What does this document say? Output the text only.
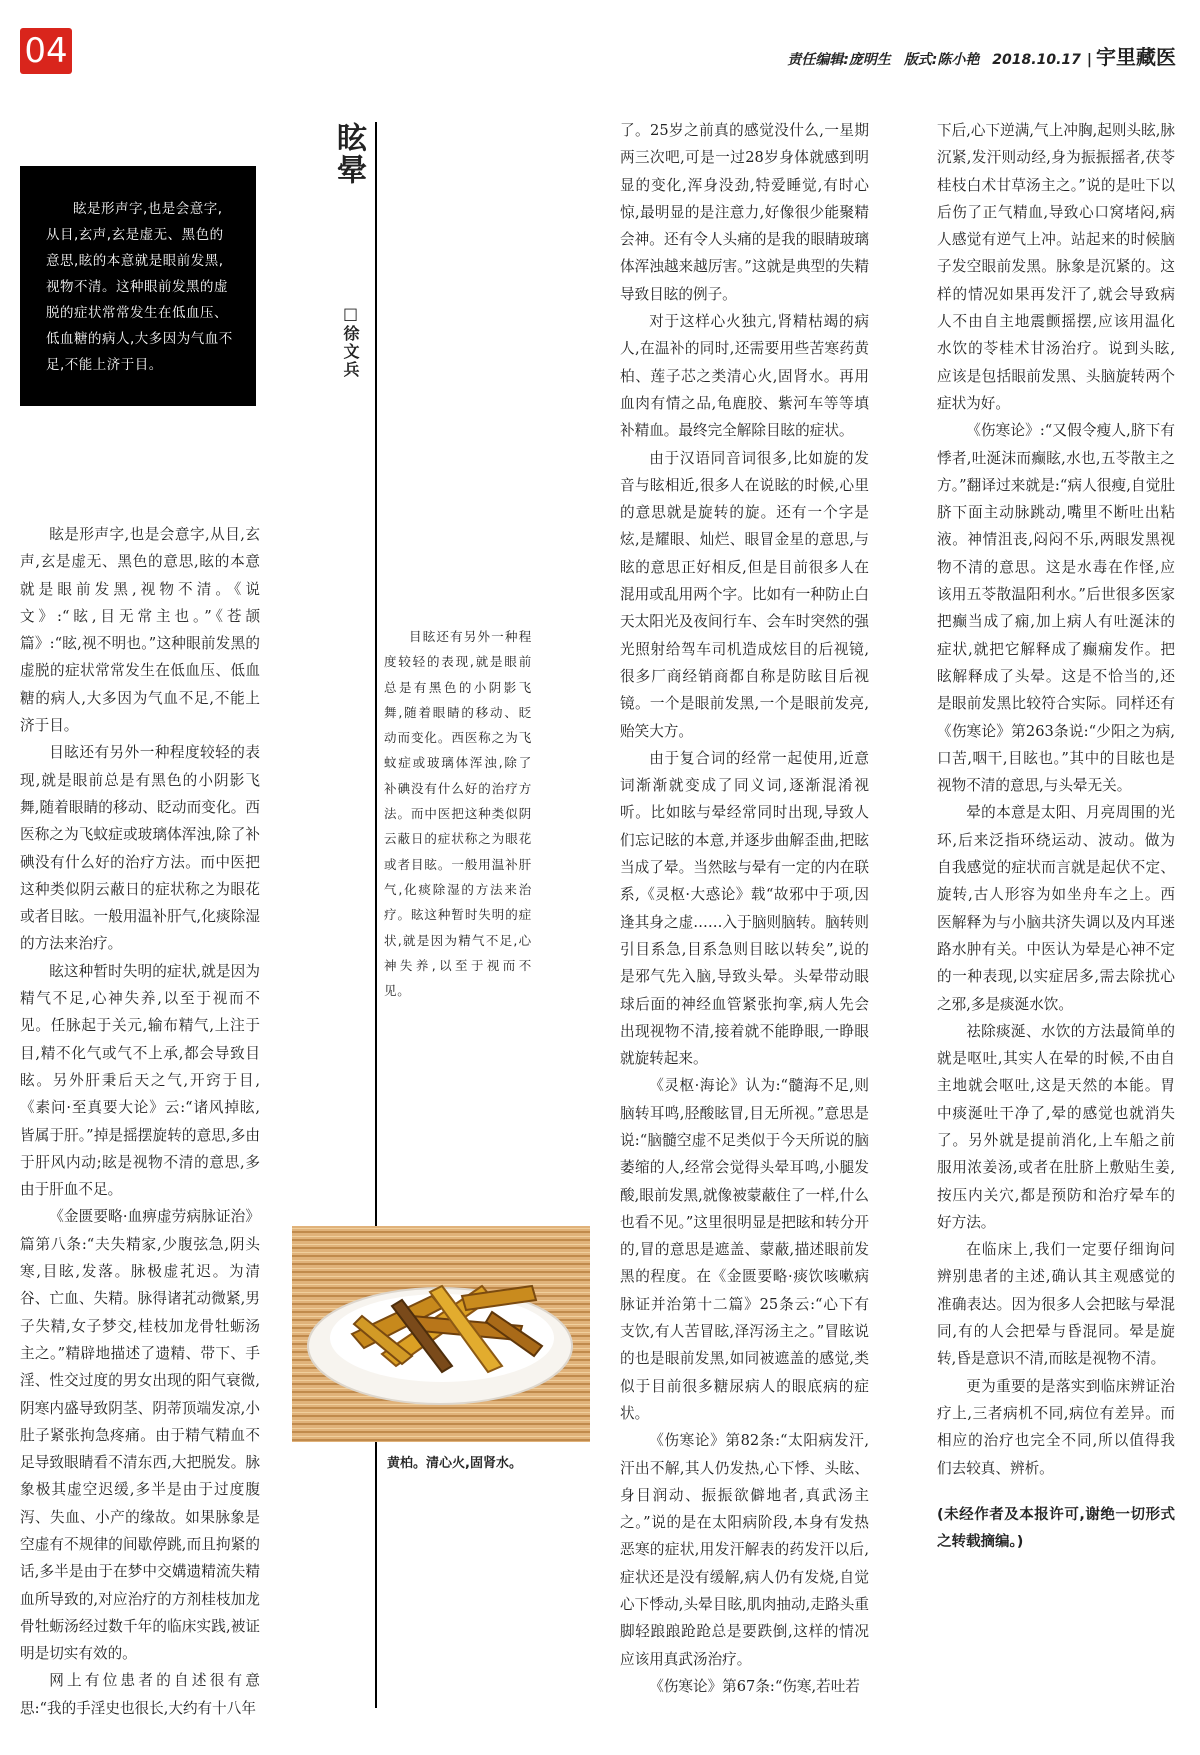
04	责任编辑:庞明生 版式:陈小艳 2018.10.17 | 宇里藏医

眩是形声字,也是会意字,从目,玄声,玄是虚无、黑色的意思,眩的本意就是眼前发黑,视物不清。这种眼前发黑的虚脱的症状常常发生在低血压、低血糖的病人,大多因为气血不足,不能上济于目。

眩晕
□徐文兵

眩是形声字,也是会意字,从目,玄声,玄是虚无、黑色的意思,眩的本意就是眼前发黑,视物不清。《说文》:“眩,目无常主也。”《苍颉篇》:“眩,视不明也。”这种眼前发黑的虚脱的症状常常发生在低血压、低血糖的病人,大多因为气血不足,不能上济于目。

目眩还有另外一种程度较轻的表现,就是眼前总是有黑色的小阴影飞舞,随着眼睛的移动、眨动而变化。西医称之为飞蚊症或玻璃体浑浊,除了补碘没有什么好的治疗方法。而中医把这种类似阴云蔽日的症状称之为眼花或者目眩。一般用温补肝气,化痰除湿的方法来治疗。

眩这种暂时失明的症状,就是因为精气不足,心神失养,以至于视而不见。任脉起于关元,输布精气,上注于目,精不化气或气不上承,都会导致目眩。另外肝秉后天之气,开窍于目,《素问·至真要大论》云:“诸风掉眩,皆属于肝。”掉是摇摆旋转的意思,多由于肝风内动;眩是视物不清的意思,多由于肝血不足。

《金匮要略·血痹虚劳病脉证治》篇第八条:“夫失精家,少腹弦急,阴头寒,目眩,发落。脉极虚芤迟。为清谷、亡血、失精。脉得诸芤动微紧,男子失精,女子梦交,桂枝加龙骨牡蛎汤主之。”精辟地描述了遗精、带下、手淫、性交过度的男女出现的阳气衰微,阴寒内盛导致阴茎、阴蒂顶端发凉,小肚子紧张拘急疼痛。由于精气精血不足导致眼睛看不清东西,大把脱发。脉象极其虚空迟缓,多半是由于过度腹泻、失血、小产的缘故。如果脉象是空虚有不规律的间歇停跳,而且拘紧的话,多半是由于在梦中交媾遗精流失精血所导致的,对应治疗的方剂桂枝加龙骨牡蛎汤经过数千年的临床实践,被证明是切实有效的。

网上有位患者的自述很有意思:“我的手淫史也很长,大约有十八年

目眩还有另外一种程度较轻的表现,就是眼前总是有黑色的小阴影飞舞,随着眼睛的移动、眨动而变化。西医称之为飞蚊症或玻璃体浑浊,除了补碘没有什么好的治疗方法。而中医把这种类似阴云蔽日的症状称之为眼花或者目眩。一般用温补肝气,化痰除湿的方法来治疗。眩这种暂时失明的症状,就是因为精气不足,心神失养,以至于视而不见。

黄柏。清心火,固肾水。

了。25岁之前真的感觉没什么,一星期两三次吧,可是一过28岁身体就感到明显的变化,浑身没劲,特爱睡觉,有时心惊,最明显的是注意力,好像很少能聚精会神。还有令人头痛的是我的眼睛玻璃体浑浊越来越厉害。”这就是典型的失精导致目眩的例子。

对于这样心火独亢,肾精枯竭的病人,在温补的同时,还需要用些苦寒药黄柏、莲子芯之类清心火,固肾水。再用血肉有情之品,龟鹿胶、紫河车等等填补精血。最终完全解除目眩的症状。

由于汉语同音词很多,比如旋的发音与眩相近,很多人在说眩的时候,心里的意思就是旋转的旋。还有一个字是炫,是耀眼、灿烂、眼冒金星的意思,与眩的意思正好相反,但是目前很多人在混用或乱用两个字。比如有一种防止白天太阳光及夜间行车、会车时突然的强光照射给驾车司机造成炫目的后视镜,很多厂商经销商都自称是防眩目后视镜。一个是眼前发黑,一个是眼前发亮,贻笑大方。

由于复合词的经常一起使用,近意词渐渐就变成了同义词,逐渐混淆视听。比如眩与晕经常同时出现,导致人们忘记眩的本意,并逐步曲解歪曲,把眩当成了晕。当然眩与晕有一定的内在联系,《灵枢·大惑论》载“故邪中于项,因逢其身之虚……入于脑则脑转。脑转则引目系急,目系急则目眩以转矣”,说的是邪气先入脑,导致头晕。头晕带动眼球后面的神经血管紧张拘挛,病人先会出现视物不清,接着就不能睁眼,一睁眼就旋转起来。

《灵枢·海论》认为:“髓海不足,则脑转耳鸣,胫酸眩冒,目无所视。”意思是说:“脑髓空虚不足类似于今天所说的脑萎缩的人,经常会觉得头晕耳鸣,小腿发酸,眼前发黑,就像被蒙蔽住了一样,什么也看不见。”这里很明显是把眩和转分开的,冒的意思是遮盖、蒙蔽,描述眼前发黑的程度。在《金匮要略·痰饮咳嗽病脉证并治第十二篇》25条云:“心下有支饮,有人苦冒眩,泽泻汤主之。”冒眩说的也是眼前发黑,如同被遮盖的感觉,类似于目前很多糖尿病人的眼底病的症状。

《伤寒论》第82条:“太阳病发汗,汗出不解,其人仍发热,心下悸、头眩、身目润动、振振欲僻地者,真武汤主之。”说的是在太阳病阶段,本身有发热恶寒的症状,用发汗解表的药发汗以后,症状还是没有缓解,病人仍有发烧,自觉心下悸动,头晕目眩,肌肉抽动,走路头重脚轻踉踉跄跄总是要跌倒,这样的情况应该用真武汤治疗。

《伤寒论》第67条:“伤寒,若吐若

下后,心下逆满,气上冲胸,起则头眩,脉沉紧,发汗则动经,身为振振摇者,茯苓桂枝白术甘草汤主之。”说的是吐下以后伤了正气精血,导致心口窝堵闷,病人感觉有逆气上冲。站起来的时候脑子发空眼前发黑。脉象是沉紧的。这样的情况如果再发汗了,就会导致病人不由自主地震颤摇摆,应该用温化水饮的苓桂术甘汤治疗。说到头眩,应该是包括眼前发黑、头脑旋转两个症状为好。

《伤寒论》:“又假令瘦人,脐下有悸者,吐涎沫而癫眩,水也,五苓散主之方。”翻译过来就是:“病人很瘦,自觉肚脐下面主动脉跳动,嘴里不断吐出粘液。神情沮丧,闷闷不乐,两眼发黑视物不清的意思。这是水毒在作怪,应该用五苓散温阳利水。”后世很多医家把癫当成了痫,加上病人有吐涎沫的症状,就把它解释成了癫痫发作。把眩解释成了头晕。这是不恰当的,还是眼前发黑比较符合实际。同样还有《伤寒论》第263条说:“少阳之为病,口苦,咽干,目眩也。”其中的目眩也是视物不清的意思,与头晕无关。

晕的本意是太阳、月亮周围的光环,后来泛指环绕运动、波动。做为自我感觉的症状而言就是起伏不定、旋转,古人形容为如坐舟车之上。西医解释为与小脑共济失调以及内耳迷路水肿有关。中医认为晕是心神不定的一种表现,以实症居多,需去除扰心之邪,多是痰涎水饮。

祛除痰涎、水饮的方法最简单的就是呕吐,其实人在晕的时候,不由自主地就会呕吐,这是天然的本能。胃中痰涎吐干净了,晕的感觉也就消失了。另外就是提前消化,上车船之前服用浓姜汤,或者在肚脐上敷贴生姜,按压内关穴,都是预防和治疗晕车的好方法。

在临床上,我们一定要仔细询问辨别患者的主述,确认其主观感觉的准确表达。因为很多人会把眩与晕混同,有的人会把晕与昏混同。晕是旋转,昏是意识不清,而眩是视物不清。

更为重要的是落实到临床辨证治疗上,三者病机不同,病位有差异。而相应的治疗也完全不同,所以值得我们去较真、辨析。

(未经作者及本报许可,谢绝一切形式之转载摘编。)
